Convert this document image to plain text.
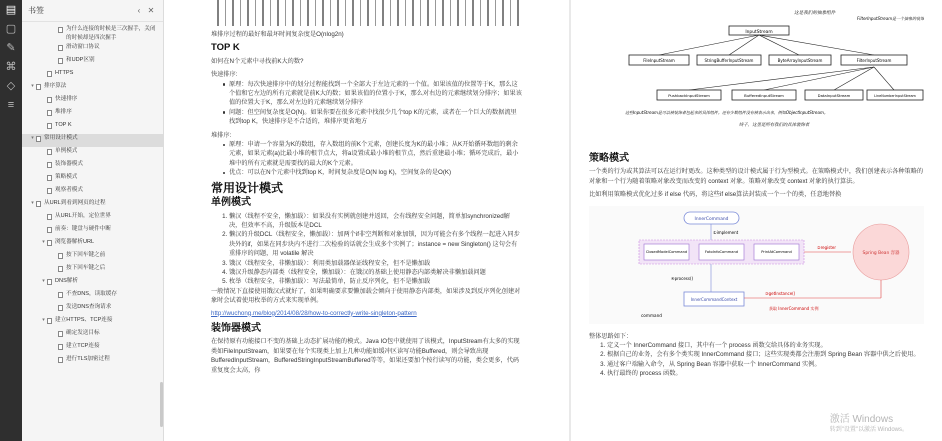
▤
▢
✎
⌘
◇
≡
书签	‹ ✕
为什么连接的时候是三次握手，关闭的时候却是四次握手
滑动窗口协议
和UDP区别
HTTPS
▾	排序算法
快速排序
堆排序
TOP K
▾	常用设计模式
单例模式
装饰器模式
策略模式
观察者模式
▾	从URL到看到网页的过程
从URL开始，定位世界
前奏：键盘与硬件中断
▾	浏览器解析URL
按下回车键之前
按下回车键之后
▾	DNS解析
不查DNS，读取缓存
发送DNS查询请求
▾	建立HTTPS、TCP连接
确定发送目标
建立TCP连接
进行TLS加密过程

堆排序过程的最好和最坏时间复杂度是O(nlog2n)

TOP K

如何在N个元素中寻找前K大的数?

快速排序:

原理：每次快速排序中的划分过程能找到一个全部大于左边元素的一个值。如果该值的位置等于K，那么这个值和它左边的所有元素就是前K大的数；如果该值的位置小于K，那么对右边的元素继续划分排序；如果该值的位置大于K，那么对左边的元素继续划分排序
问题：但空间复杂度是O(N)。如果你要在很多元素中找很少几个top K的元素，或者在一个巨大的数据流里找到top K，快速排序是不合适的，堆排序更省地方

堆排序:

原理：申请一个容量为K的数组，存入数组的前K个元素，创建长度为K的最小堆；从K开始循环数组的剩余元素，如果元素(a)比最小堆的根节点大，将a设置成最小堆的根节点，然后重建最小堆；循环完成后，最小堆中的所有元素就是需要找的最大的K个元素。
优点：可以在N个元素中找到top K，时间复杂度是O(N log K)，空间复杂的是O(K)
常用设计模式
单例模式
1. 懒汉（线程不安全，懒加载）：如果没有实例就创建并返回，会有线程安全问题，简单加synchronized解决，但效率不高，升级版本是DCL
2. 懒汉的升级DCL（线程安全，懒加载）：加两个if非空判断和对象加锁，因为可能会有多个线程一起进入同步块外的if，如果在同步块内不进行二次检验的话就会生成多个实例了；instance = new Singleton() 这句会有重排序的问题，用 volatile 解决
3. 饿汉（线程安全，非懒加载）：利用类加载器保证线程安全，但不是懒加载
4. 饿汉升级静态内部类（线程安全，懒加载）：在饿汉的基础上使用静态内部类解决非懒加载问题
5. 枚举（线程安全，非懒加载）：写法最简单，防止反序列化，但不是懒加载

一般情况下直接使用饿汉式就好了，如果明确要求要懒加载会倾向于使用静态内部类，如果涉及到反序列化创建对象时会试着使用枚举的方式来实现单例。

http://wuchong.me/blog/2014/08/28/how-to-correctly-write-singleton-pattern

装饰器模式

在保持原有功能接口不变的基础上动态扩展功能的模式。Java IO包中就使用了该模式，InputStream有太多的实现类如FileInputStream，如果要在每个实现类上加上几种功能如缓冲区读写功能Buffered，则会导致出现BufferedInputStream，BufferedStringInputStreamBuffered等等，如果还要加个按行读写的功能，类会更多，代码重复度会太高，你

InputStream
FileInputStream	StringBufferInputStream	ByteArrayInputStream	FilterInputStream
PushbackInputStream	BufferedInputStream	DataInputStream	LineNumberInputStream
这是我们的抽象组件
FilterInputStream是一个抽象的装饰者
这些InputStream是可以被装饰者包起来的具体组件。还有少数组件没有被表示出来，例如ObjectInputStream。
终于，这里是所有我们的具体装饰者
策略模式

一个类的行为或其算法可以在运行时更改。这种类型的设计模式属于行为型模式。在策略模式中，我们创建表示各种策略的对象和一个行为随着策略对象改变而改变的 context 对象。策略对象改变 context 对象的执行算法。

比如利用策略模式优化过多 if else 代码，将这些if else算法封装成一个一个的类，任意地替换

InnerCommand
①implement
ClosedModelCommand	FotoInfoCommand	PrintAtCommand
②register
Spring Bean 容器
④process()
InnerCommandContext
③getInstance()
command
获取 InnerCommand 实例

整体思路如下：

1. 定义一个 InnerCommand 接口，其中有一个 process 函数交给具体的业务实现。
2. 根据自己的业务，会有多个类实现 InnerCommand 接口；这些实现类都会注册到 Spring Bean 容器中供之后使用。
3. 通过客户端输入命令，从 Spring Bean 容器中获取一个 InnerCommand 实例。
4. 执行最终的 process 函数。
激活 Windows
转到"设置"以激活 Windows。
